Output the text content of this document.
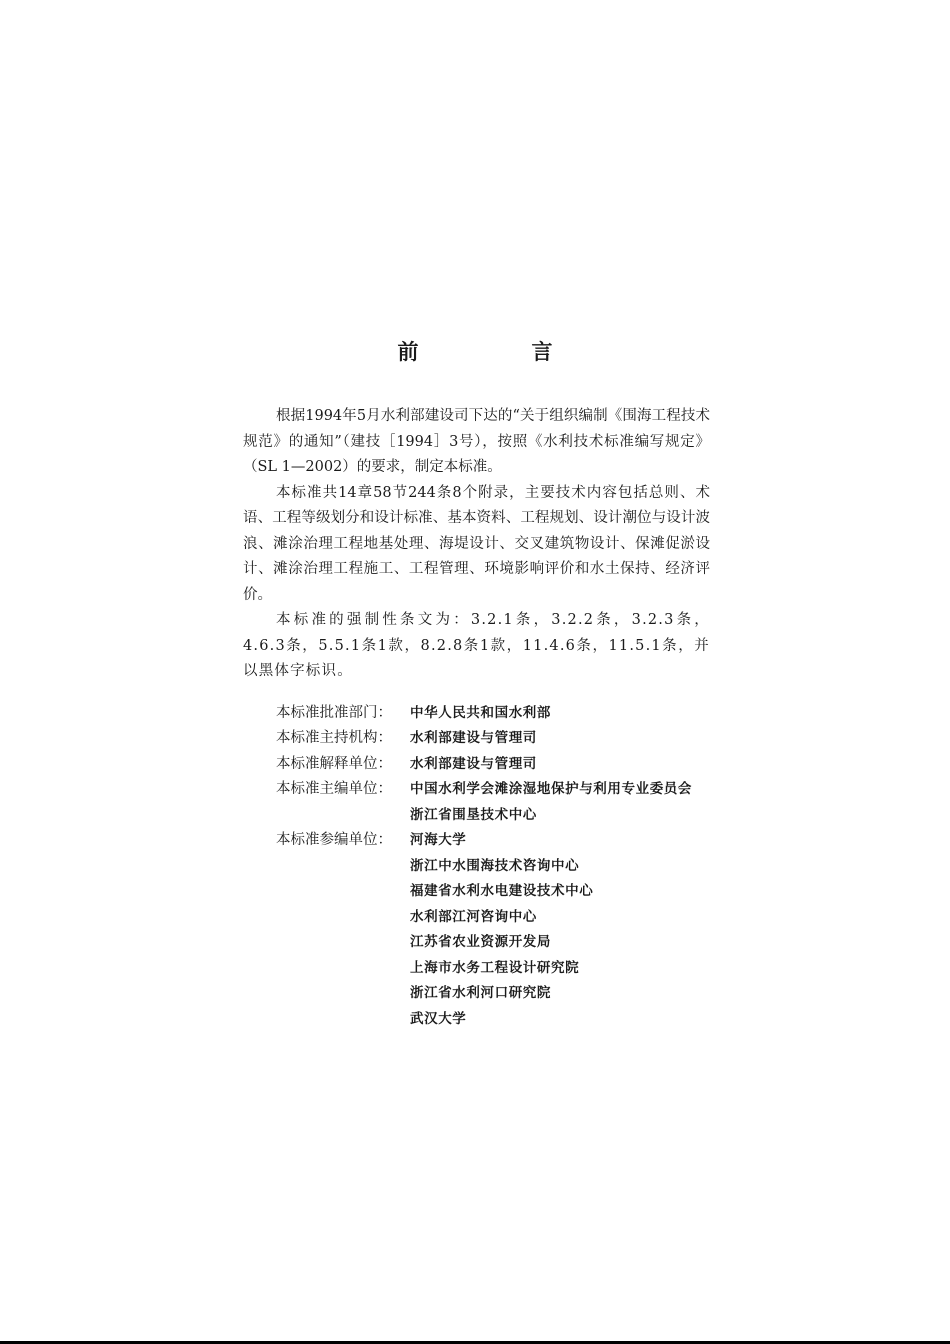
前　言

根据1994年5月水利部建设司下达的“关于组织编制《围海工程技术规范》的通知”（建技［1994］3号），按照《水利技术标准编写规定》（SL 1—2002）的要求，制定本标准。

本标准共14章58节244条8个附录，主要技术内容包括总则、术语、工程等级划分和设计标准、基本资料、工程规划、设计潮位与设计波浪、滩涂治理工程地基处理、海堤设计、交叉建筑物设计、保滩促淤设计、滩涂治理工程施工、工程管理、环境影响评价和水土保持、经济评价。

本标准的强制性条文为：3.2.1条，3.2.2条，3.2.3条，4.6.3条，5.5.1条1款，8.2.8条1款，11.4.6条，11.5.1条，并以黑体字标识。

本标准批准部门：	中华人民共和国水利部
本标准主持机构：	水利部建设与管理司
本标准解释单位：	水利部建设与管理司
本标准主编单位：	中国水利学会滩涂湿地保护与利用专业委员会
浙江省围垦技术中心
本标准参编单位：	河海大学
浙江中水围海技术咨询中心
福建省水利水电建设技术中心
水利部江河咨询中心
江苏省农业资源开发局
上海市水务工程设计研究院
浙江省水利河口研究院
武汉大学
